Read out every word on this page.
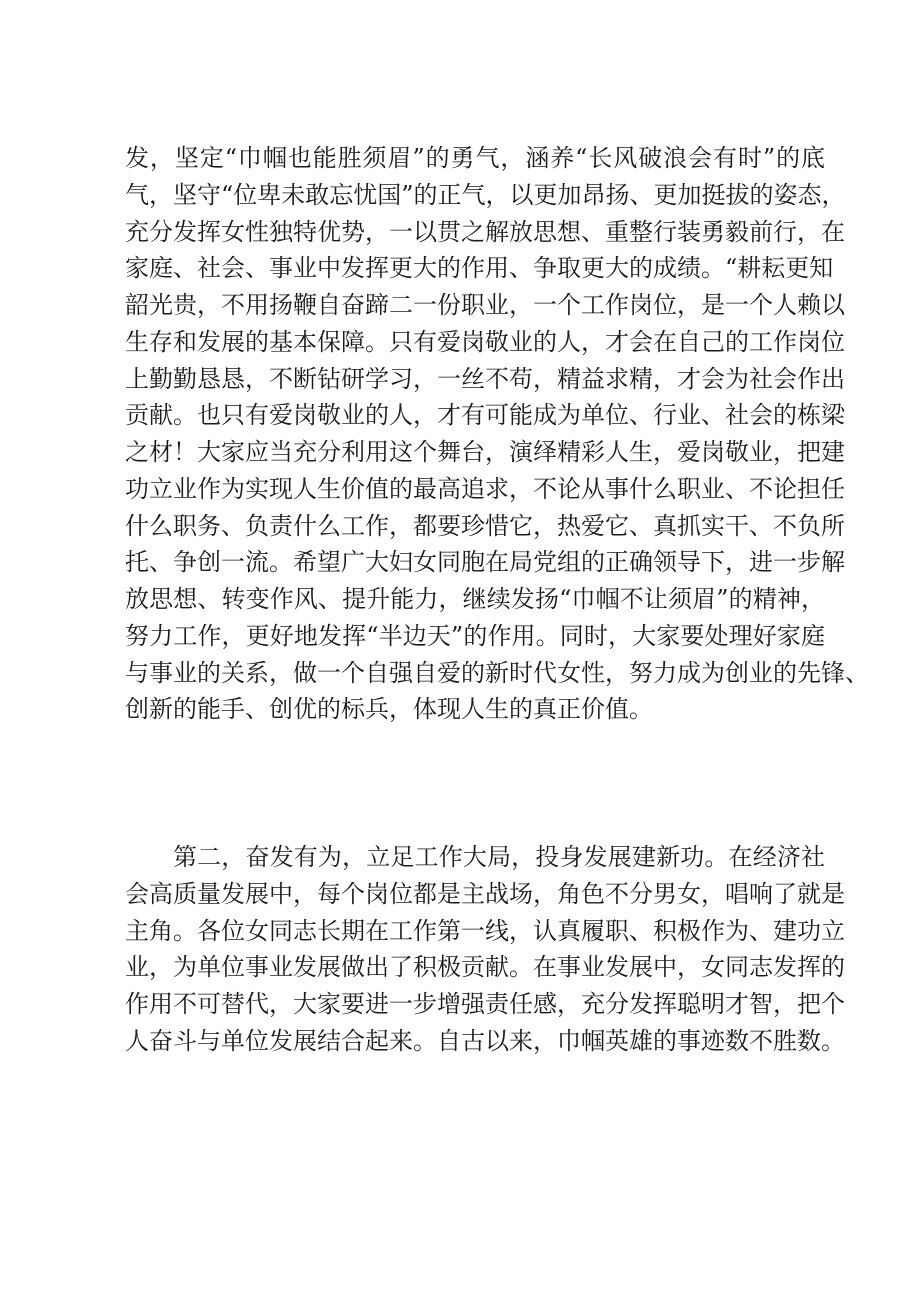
发，坚定“巾帼也能胜须眉”的勇气，涵养“长风破浪会有时”的底
气，坚守“位卑未敢忘忧国”的正气，以更加昂扬、更加挺拔的姿态，
充分发挥女性独特优势，一以贯之解放思想、重整行装勇毅前行，在
家庭、社会、事业中发挥更大的作用、争取更大的成绩。“耕耘更知
韶光贵，不用扬鞭自奋蹄二一份职业，一个工作岗位，是一个人赖以
生存和发展的基本保障。只有爱岗敬业的人，才会在自己的工作岗位
上勤勤恳恳，不断钻研学习，一丝不苟，精益求精，才会为社会作出
贡献。也只有爱岗敬业的人，才有可能成为单位、行业、社会的栋梁
之材！大家应当充分利用这个舞台，演绎精彩人生，爱岗敬业，把建
功立业作为实现人生价值的最高追求，不论从事什么职业、不论担任
什么职务、负责什么工作，都要珍惜它，热爱它、真抓实干、不负所
托、争创一流。希望广大妇女同胞在局党组的正确领导下，进一步解
放思想、转变作风、提升能力，继续发扬“巾帼不让须眉”的精神，
努力工作，更好地发挥“半边天”的作用。同时，大家要处理好家庭
与事业的关系，做一个自强自爱的新时代女性，努力成为创业的先锋、
创新的能手、创优的标兵，体现人生的真正价值。
第二，奋发有为，立足工作大局，投身发展建新功。在经济社
会高质量发展中，每个岗位都是主战场，角色不分男女，唱响了就是
主角。各位女同志长期在工作第一线，认真履职、积极作为、建功立
业，为单位事业发展做出了积极贡献。在事业发展中，女同志发挥的
作用不可替代，大家要进一步增强责任感，充分发挥聪明才智，把个
人奋斗与单位发展结合起来。自古以来，巾帼英雄的事迹数不胜数。
